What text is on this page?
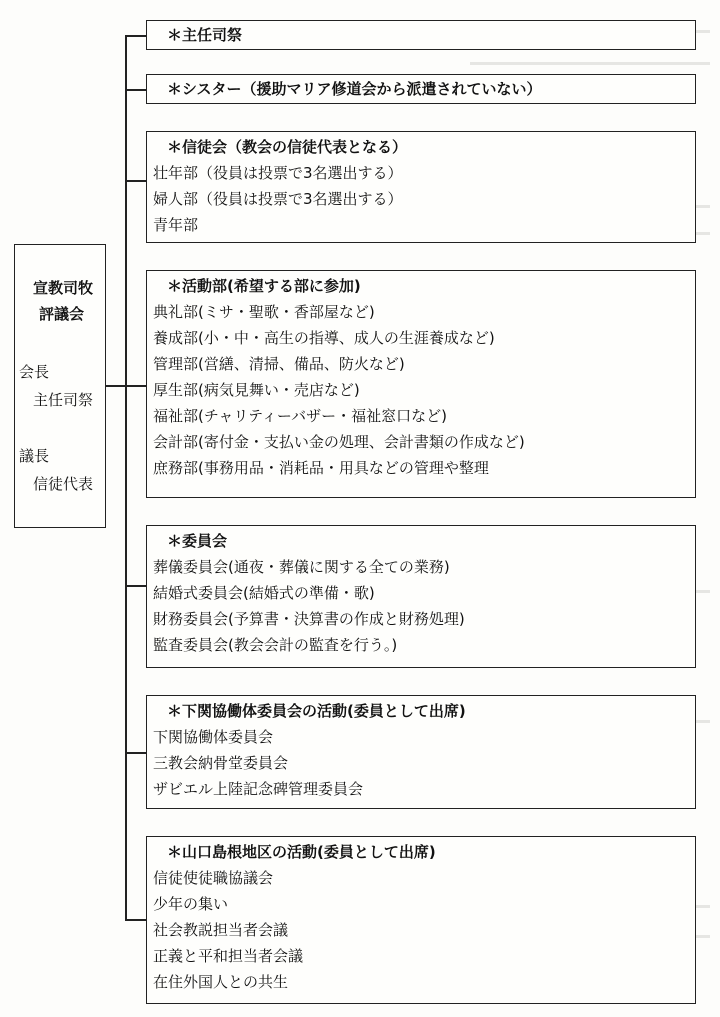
宣教司牧
評議会
会長
主任司祭
議長
信徒代表
＊主任司祭
＊シスター（援助マリア修道会から派遣されていない）
＊信徒会（教会の信徒代表となる）
壮年部（役員は投票で3名選出する）
婦人部（役員は投票で3名選出する）
青年部
＊活動部(希望する部に参加)
典礼部(ミサ・聖歌・香部屋など)
養成部(小・中・高生の指導、成人の生涯養成など)
管理部(営繕、清掃、備品、防火など)
厚生部(病気見舞い・売店など)
福祉部(チャリティーバザー・福祉窓口など)
会計部(寄付金・支払い金の処理、会計書類の作成など)
庶務部(事務用品・消耗品・用具などの管理や整理
＊委員会
葬儀委員会(通夜・葬儀に関する全ての業務)
結婚式委員会(結婚式の準備・歌)
財務委員会(予算書・決算書の作成と財務処理)
監査委員会(教会会計の監査を行う。)
＊下関協働体委員会の活動(委員として出席)
下関協働体委員会
三教会納骨堂委員会
ザビエル上陸記念碑管理委員会
＊山口島根地区の活動(委員として出席)
信徒使徒職協議会
少年の集い
社会教説担当者会議
正義と平和担当者会議
在住外国人との共生
